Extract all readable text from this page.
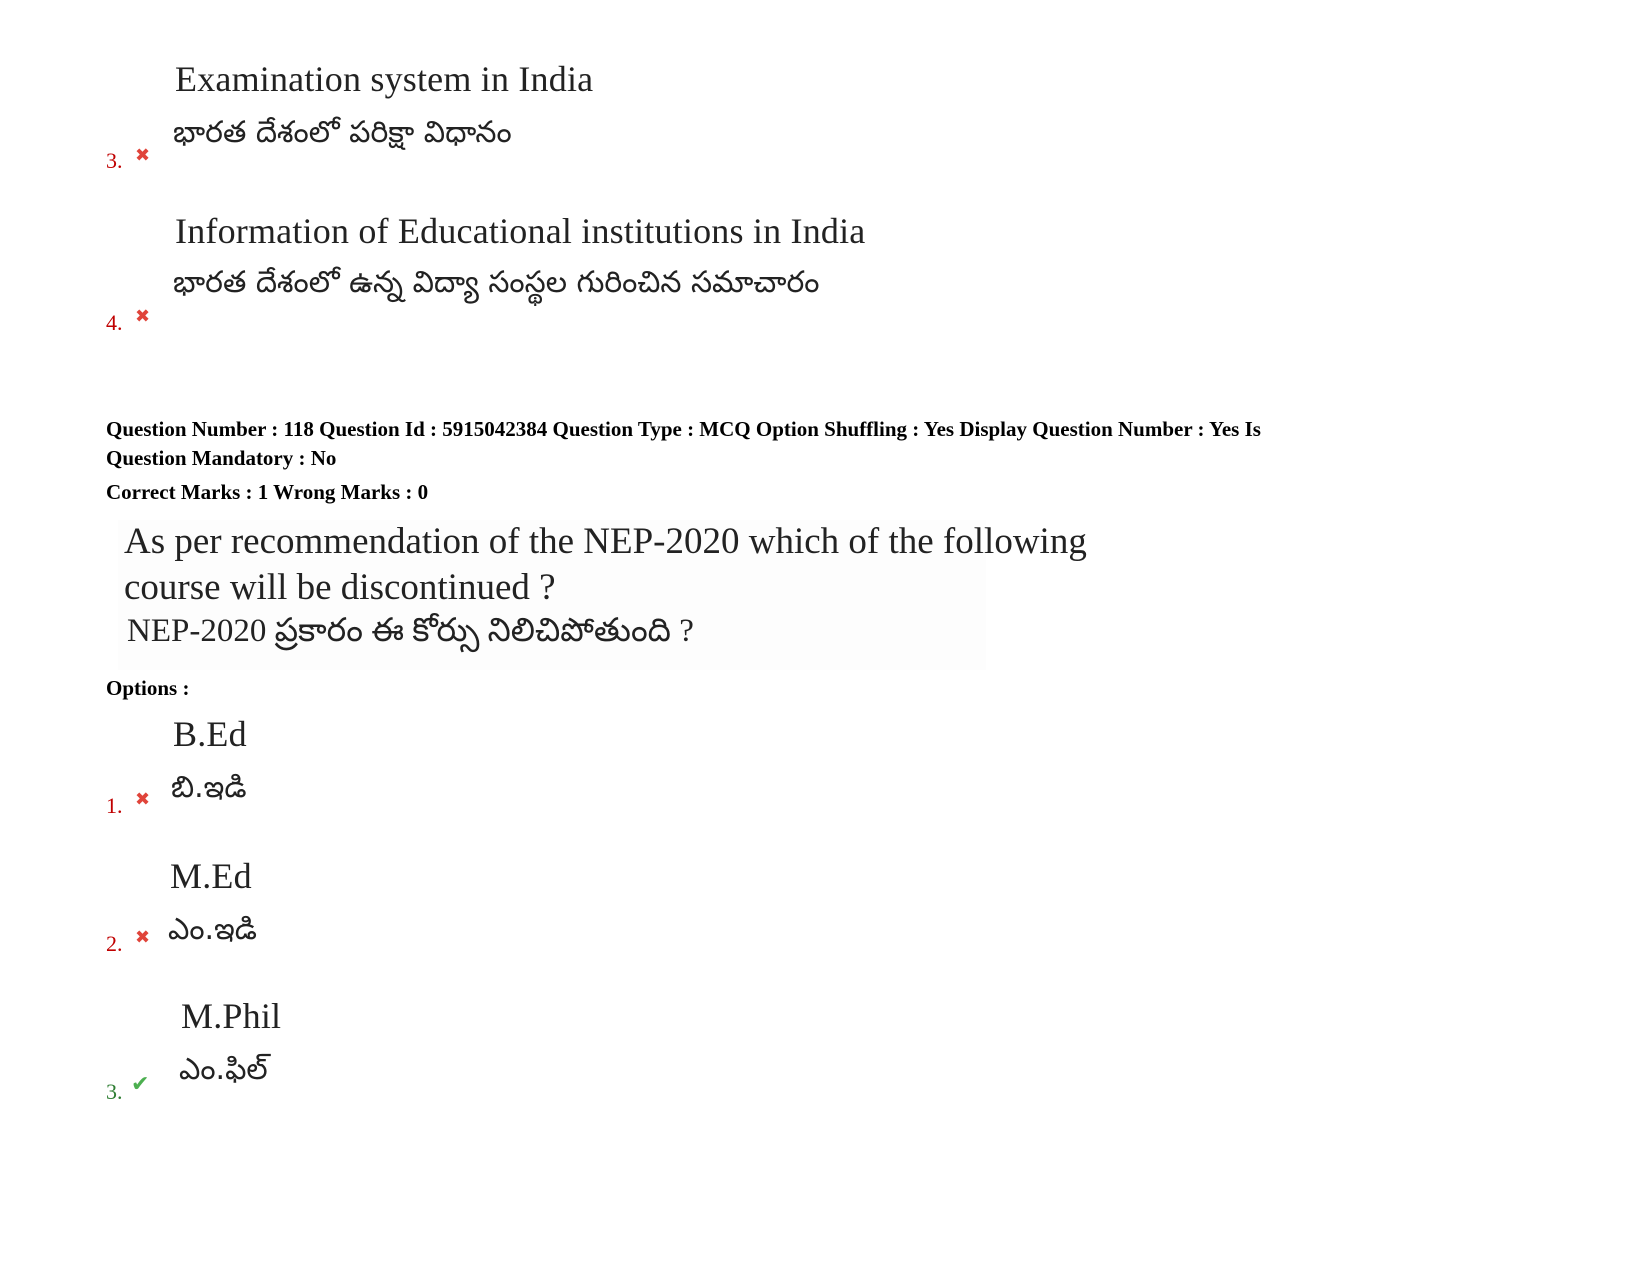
Examination system in India
భారత దేశంలో పరిక్షా విధానం
3. ✖
Information of Educational institutions in India
భారత దేశంలో ఉన్న విద్యా సంస్థల గురించిన సమాచారం
4. ✖
Question Number : 118 Question Id : 5915042384 Question Type : MCQ Option Shuffling : Yes Display Question Number : Yes Is
Question Mandatory : No
Correct Marks : 1 Wrong Marks : 0
As per recommendation of the NEP-2020 which of the following
course will be discontinued ?
NEP-2020 ప్రకారం ఈ కోర్సు నిలిచిపోతుంది ?
Options :
B.Ed
బి.ఇడి
1. ✖
M.Ed
ఎం.ఇడి
2. ✖
M.Phil
ఎం.ఫిల్
3. ✔
